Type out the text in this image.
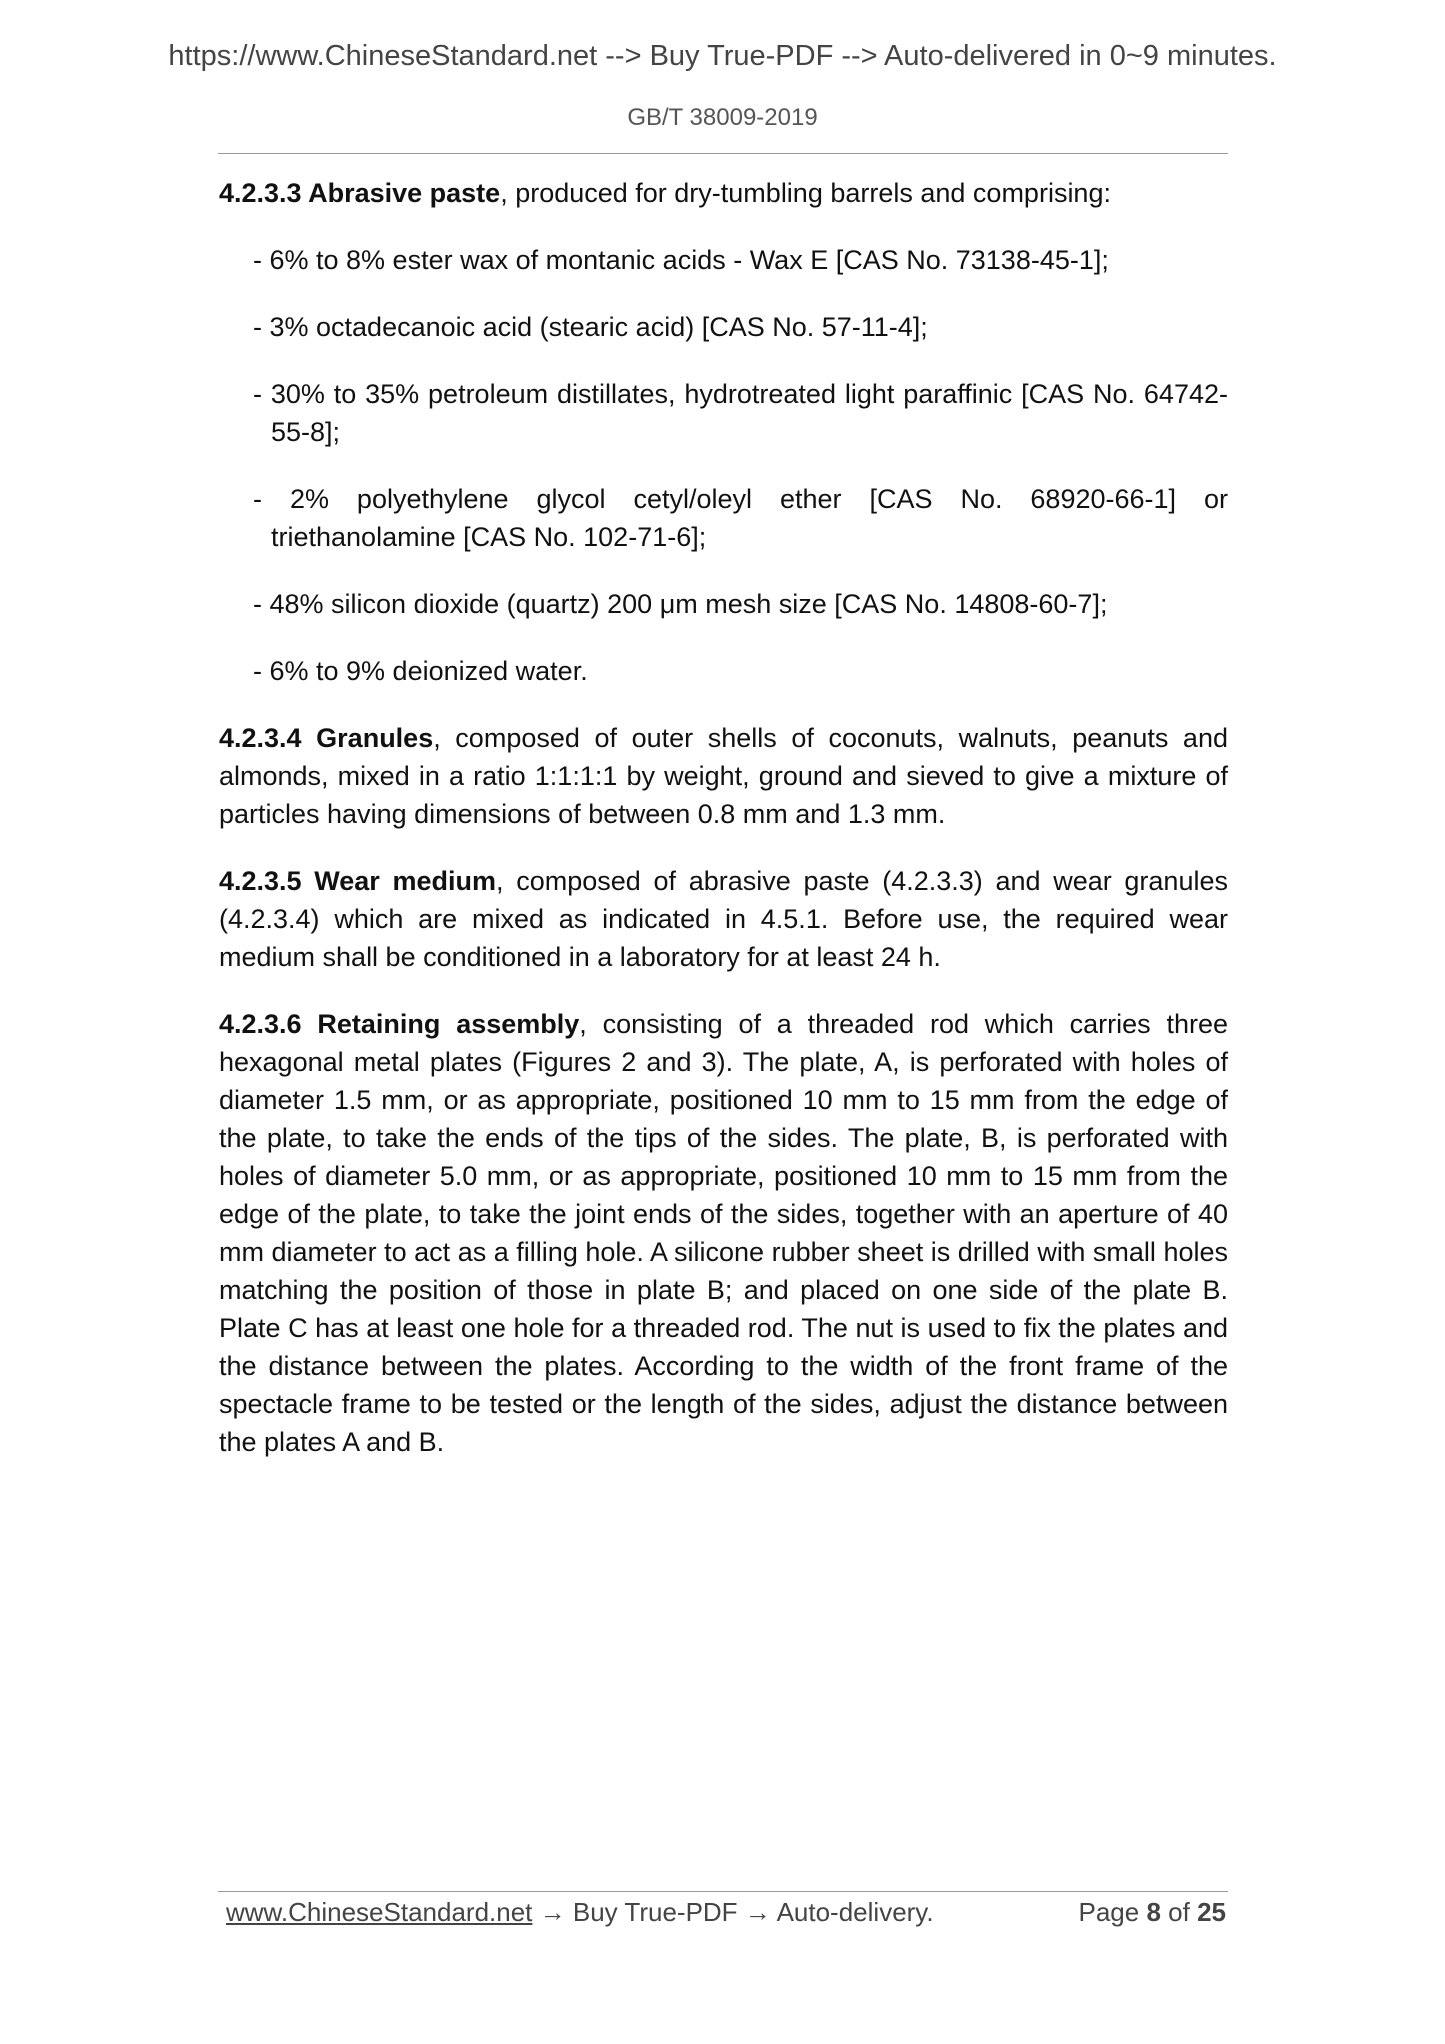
https://www.ChineseStandard.net --> Buy True-PDF --> Auto-delivered in 0~9 minutes.
GB/T 38009-2019

4.2.3.3 Abrasive paste, produced for dry-tumbling barrels and comprising:

- 6% to 8% ester wax of montanic acids - Wax E [CAS No. 73138-45-1];
- 3% octadecanoic acid (stearic acid) [CAS No. 57-11-4];
- 30% to 35% petroleum distillates, hydrotreated light paraffinic [CAS No. 64742-55-8];
- 2% polyethylene glycol cetyl/oleyl ether [CAS No. 68920-66-1] or triethanolamine [CAS No. 102-71-6];
- 48% silicon dioxide (quartz) 200 μm mesh size [CAS No. 14808-60-7];
- 6% to 9% deionized water.

4.2.3.4 Granules, composed of outer shells of coconuts, walnuts, peanuts and almonds, mixed in a ratio 1:1:1:1 by weight, ground and sieved to give a mixture of particles having dimensions of between 0.8 mm and 1.3 mm.

4.2.3.5 Wear medium, composed of abrasive paste (4.2.3.3) and wear granules (4.2.3.4) which are mixed as indicated in 4.5.1. Before use, the required wear medium shall be conditioned in a laboratory for at least 24 h.

4.2.3.6 Retaining assembly, consisting of a threaded rod which carries three hexagonal metal plates (Figures 2 and 3). The plate, A, is perforated with holes of diameter 1.5 mm, or as appropriate, positioned 10 mm to 15 mm from the edge of the plate, to take the ends of the tips of the sides. The plate, B, is perforated with holes of diameter 5.0 mm, or as appropriate, positioned 10 mm to 15 mm from the edge of the plate, to take the joint ends of the sides, together with an aperture of 40 mm diameter to act as a filling hole. A silicone rubber sheet is drilled with small holes matching the position of those in plate B; and placed on one side of the plate B. Plate C has at least one hole for a threaded rod. The nut is used to fix the plates and the distance between the plates. According to the width of the front frame of the spectacle frame to be tested or the length of the sides, adjust the distance between the plates A and B.

www.ChineseStandard.net → Buy True-PDF → Auto-delivery.	Page 8 of 25
